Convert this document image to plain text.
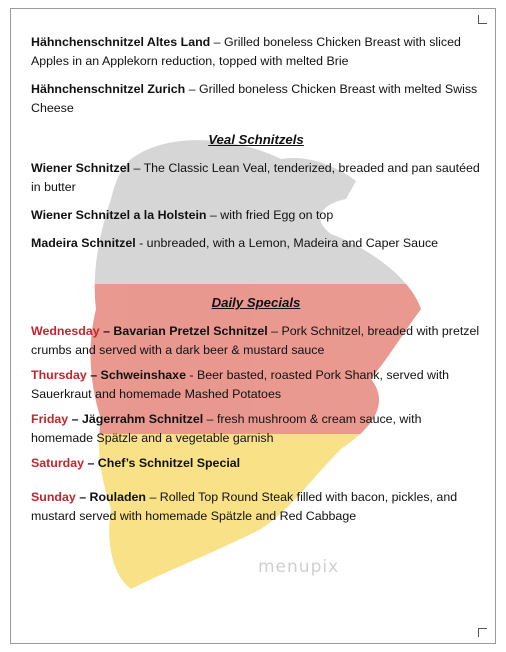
Hähnchenschnitzel Altes Land – Grilled boneless Chicken Breast with sliced Apples in an Applekorn reduction, topped with melted Brie
Hähnchenschnitzel Zurich – Grilled boneless Chicken Breast with melted Swiss Cheese
Veal Schnitzels
Wiener Schnitzel – The Classic Lean Veal, tenderized, breaded and pan sautéed in butter
Wiener Schnitzel a la Holstein – with fried Egg on top
Madeira Schnitzel - unbreaded, with a Lemon, Madeira and Caper Sauce
Daily Specials
Wednesday – Bavarian Pretzel Schnitzel – Pork Schnitzel, breaded with pretzel crumbs and served with a dark beer & mustard sauce
Thursday – Schweinshaxe - Beer basted, roasted Pork Shank, served with Sauerkraut and homemade Mashed Potatoes
Friday – Jägerrahm Schnitzel – fresh mushroom & cream sauce, with homemade Spätzle and a vegetable garnish
Saturday – Chef’s Schnitzel Special
Sunday – Rouladen – Rolled Top Round Steak filled with bacon, pickles, and mustard served with homemade Spätzle and Red Cabbage
menupix
